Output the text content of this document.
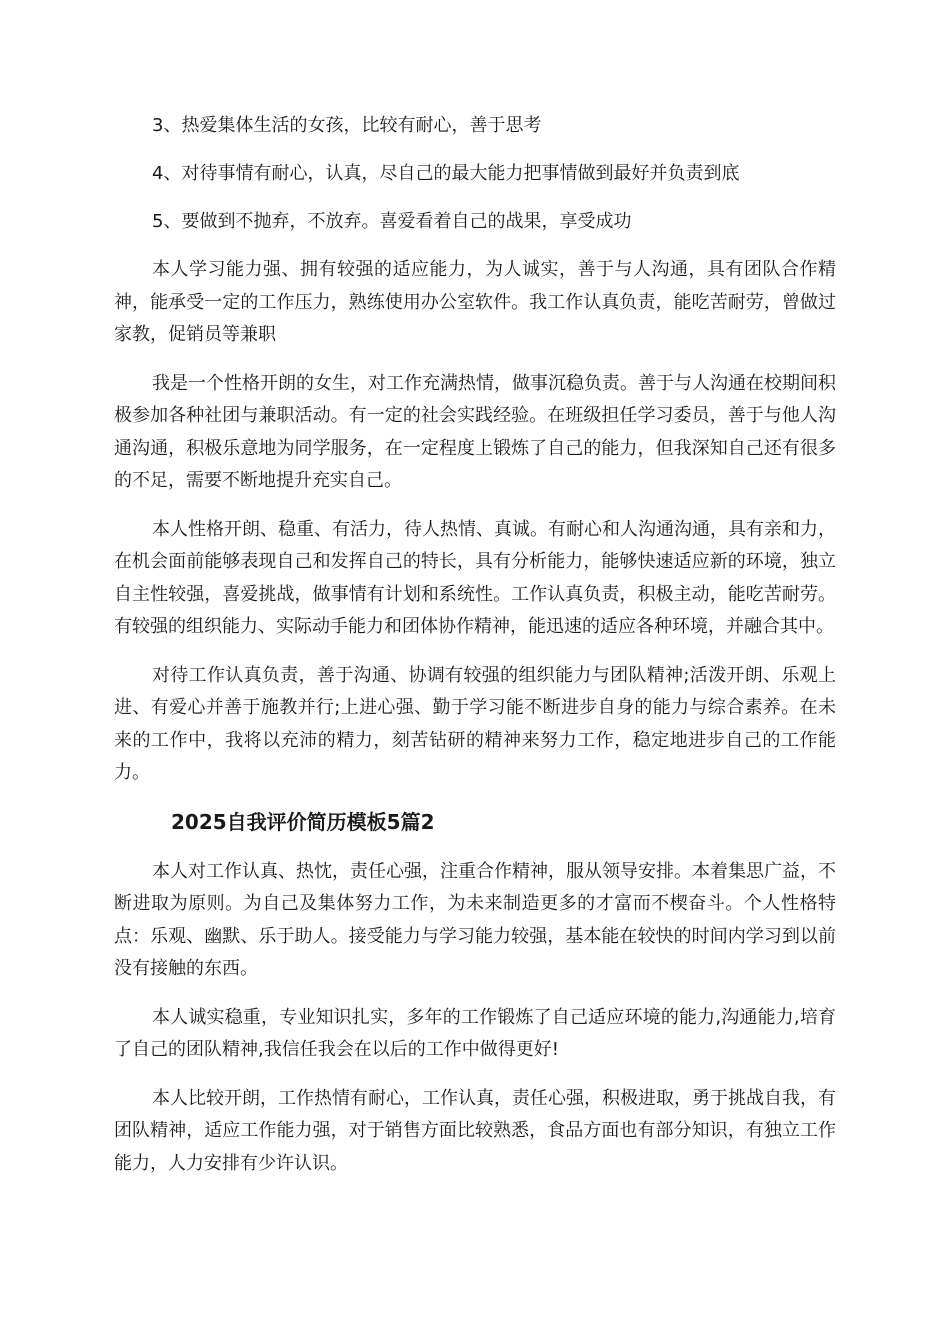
3、热爱集体生活的女孩，比较有耐心，善于思考

4、对待事情有耐心，认真，尽自己的最大能力把事情做到最好并负责到底

5、要做到不抛弃，不放弃。喜爱看着自己的战果，享受成功

本人学习能力强、拥有较强的适应能力，为人诚实，善于与人沟通，具有团队合作精神，能承受一定的工作压力，熟练使用办公室软件。我工作认真负责，能吃苦耐劳，曾做过家教，促销员等兼职

我是一个性格开朗的女生，对工作充满热情，做事沉稳负责。善于与人沟通在校期间积极参加各种社团与兼职活动。有一定的社会实践经验。在班级担任学习委员，善于与他人沟通沟通，积极乐意地为同学服务，在一定程度上锻炼了自己的能力，但我深知自己还有很多的不足，需要不断地提升充实自己。

本人性格开朗、稳重、有活力，待人热情、真诚。有耐心和人沟通沟通，具有亲和力，在机会面前能够表现自己和发挥自己的特长，具有分析能力，能够快速适应新的环境，独立自主性较强，喜爱挑战，做事情有计划和系统性。工作认真负责，积极主动，能吃苦耐劳。有较强的组织能力、实际动手能力和团体协作精神，能迅速的适应各种环境，并融合其中。

对待工作认真负责，善于沟通、协调有较强的组织能力与团队精神;活泼开朗、乐观上进、有爱心并善于施教并行;上进心强、勤于学习能不断进步自身的能力与综合素养。在未来的工作中，我将以充沛的精力，刻苦钻研的精神来努力工作，稳定地进步自己的工作能力。

2025自我评价简历模板5篇2

本人对工作认真、热忱，责任心强，注重合作精神，服从领导安排。本着集思广益，不断进取为原则。为自己及集体努力工作，为未来制造更多的才富而不楔奋斗。个人性格特点：乐观、幽默、乐于助人。接受能力与学习能力较强，基本能在较快的时间内学习到以前没有接触的东西。

本人诚实稳重，专业知识扎实，多年的工作锻炼了自己适应环境的能力,沟通能力,培育了自己的团队精神,我信任我会在以后的工作中做得更好!

本人比较开朗，工作热情有耐心，工作认真，责任心强，积极进取，勇于挑战自我，有团队精神，适应工作能力强，对于销售方面比较熟悉，食品方面也有部分知识，有独立工作能力，人力安排有少许认识。
